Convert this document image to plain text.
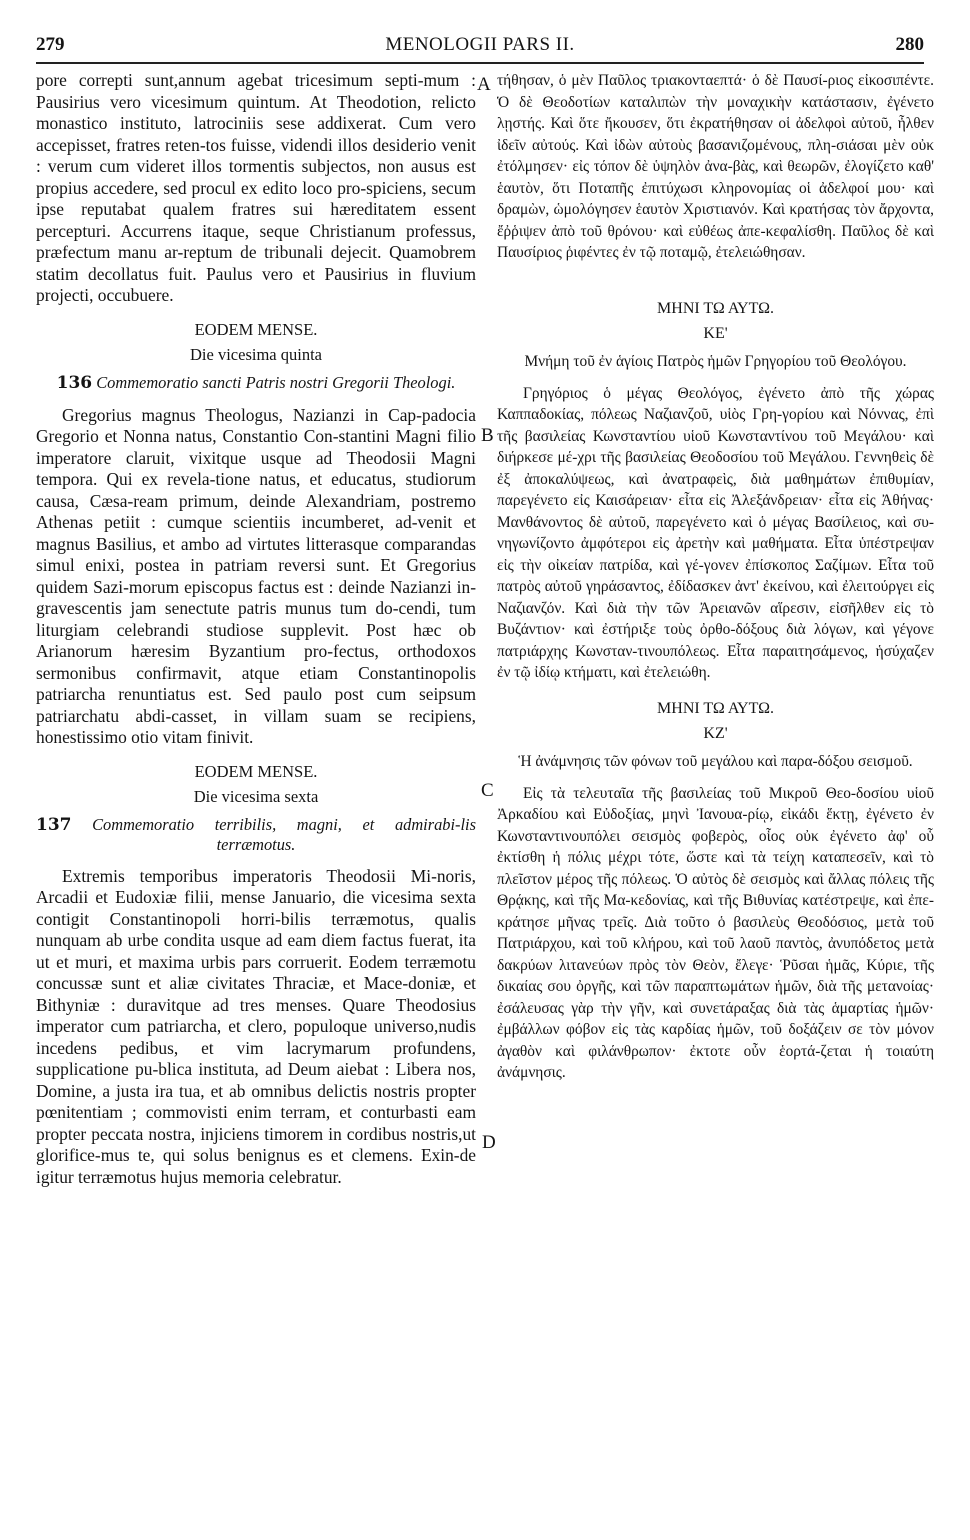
279	MENOLOGII PARS II.	280
A
B
C
D

pore correpti sunt,annum agebat tricesimum septi-mum : Pausirius vero vicesimum quintum. At Theodotion, relicto monastico instituto, latrociniis sese addixerat. Cum vero accepisset, fratres reten-tos fuisse, videndi illos desiderio venit : verum cum videret illos tormentis subjectos, non ausus est propius accedere, sed procul ex edito loco pro-spiciens, secum ipse reputabat qualem fratres sui hæreditatem essent percepturi. Accurrens itaque, seque Christianum professus, præfectum manu ar-reptum de tribunali dejecit. Quamobrem statim decollatus fuit. Paulus vero et Pausirius in fluvium projecti, occubuere.

EODEM MENSE.
Die vicesima quinta

136 Commemoratio sancti Patris nostri Gregorii Theologi.

Gregorius magnus Theologus, Nazianzi in Cap-padocia Gregorio et Nonna natus, Constantio Con-stantini Magni filio imperatore claruit, vixitque usque ad Theodosii Magni tempora. Qui ex revela-tione natus, et educatus, studiorum causa, Cæsa-ream primum, deinde Alexandriam, postremo Athenas petiit : cumque scientiis incumberet, ad-venit et magnus Basilius, et ambo ad virtutes litterasque comparandas simul enixi, postea in patriam reversi sunt. Et Gregorius quidem Sazi-morum episcopus factus est : deinde Nazianzi in-gravescentis jam senectute patris munus tum do-cendi, tum liturgiam celebrandi studiose supplevit. Post hæc ob Arianorum hæresim Byzantium pro-fectus, orthodoxos sermonibus confirmavit, atque etiam Constantinopolis patriarcha renuntiatus est. Sed paulo post cum seipsum patriarchatu abdi-casset, in villam suam se recipiens, honestissimo otio vitam finivit.

EODEM MENSE.
Die vicesima sexta

137 Commemoratio terribilis, magni, et admirabi-lis terræmotus.

Extremis temporibus imperatoris Theodosii Mi-noris, Arcadii et Eudoxiæ filii, mense Januario, die vicesima sexta contigit Constantinopoli horri-bilis terræmotus, qualis nunquam ab urbe condita usque ad eam diem factus fuerat, ita ut et muri, et maxima urbis pars corruerit. Eodem terræmotu concussæ sunt et aliæ civitates Thraciæ, et Mace-doniæ, et Bithyniæ : duravitque ad tres menses. Quare Theodosius imperator cum patriarcha, et clero, populoque universo,nudis incedens pedibus, et vim lacrymarum profundens, supplicatione pu-blica instituta, ad Deum aiebat : Libera nos, Domine, a justa ira tua, et ab omnibus delictis nostris propter pœnitentiam ; commovisti enim terram, et conturbasti eam propter peccata nostra, injiciens timorem in cordibus nostris,ut glorifice-mus te, qui solus benignus es et clemens. Exin-de igitur terræmotus hujus memoria celebratur.

τήθησαν, ὁ μὲν Παῦλος τριακονταεπτά· ὁ δὲ Παυσί-ριος εἰκοσιπέντε. Ὁ δὲ Θεοδοτίων καταλιπὼν τὴν μοναχικὴν κατάστασιν, ἐγένετο λῃστής. Καὶ ὅτε ἤκουσεν, ὅτι ἐκρατήθησαν οἱ ἀδελφοὶ αὐτοῦ, ἦλθεν ἰδεῖν αὐτούς. Καὶ ἰδὼν αὐτοὺς βασανιζομένους, πλη-σιάσαι μὲν οὐκ ἐτόλμησεν· εἰς τόπον δὲ ὑψηλὸν ἀνα-βὰς, καὶ θεωρῶν, ἐλογίζετο καθ' ἑαυτὸν, ὅτι Ποταπῆς ἐπιτύχωσι κληρονομίας οἱ ἀδελφοί μου· καὶ δραμὼν, ὡμολόγησεν ἑαυτὸν Χριστιανόν. Καὶ κρατήσας τὸν ἄρχοντα, ἔῤῥιψεν ἀπὸ τοῦ θρόνου· καὶ εὐθέως ἀπε-κεφαλίσθη. Παῦλος δὲ καὶ Παυσίριος ῥιφέντες ἐν τῷ ποταμῷ, ἐτελειώθησαν.

ΜΗΝΙ ΤΩ ΑΥΤΩ.
ΚΕ'

Μνήμη τοῦ ἐν ἁγίοις Πατρὸς ἡμῶν Γρηγορίου τοῦ Θεολόγου.

Γρηγόριος ὁ μέγας Θεολόγος, ἐγένετο ἀπὸ τῆς χώρας Καππαδοκίας, πόλεως Ναζιανζοῦ, υἱὸς Γρη-γορίου καὶ Νόννας, ἐπὶ τῆς βασιλείας Κωνσταντίου υἱοῦ Κωνσταντίνου τοῦ Μεγάλου· καὶ διήρκεσε μέ-χρι τῆς βασιλείας Θεοδοσίου τοῦ Μεγάλου. Γεννηθεὶς δὲ ἐξ ἀποκαλύψεως, καὶ ἀνατραφεὶς, διὰ μαθημάτων ἐπιθυμίαν, παρεγένετο εἰς Καισάρειαν· εἶτα εἰς Ἀλεξάνδρειαν· εἶτα εἰς Ἀθήνας· Μανθάνοντος δὲ αὐτοῦ, παρεγένετο καὶ ὁ μέγας Βασίλειος, καὶ συ-νηγωνίζοντο ἀμφότεροι εἰς ἀρετὴν καὶ μαθήματα. Εἶτα ὑπέστρεψαν εἰς τὴν οἰκείαν πατρίδα, καὶ γέ-γονεν ἐπίσκοπος Σαζίμων. Εἶτα τοῦ πατρὸς αὐτοῦ γηράσαντος, ἐδίδασκεν ἀντ' ἐκείνου, καὶ ἐλειτούργει εἰς Ναζιανζόν. Καὶ διὰ τὴν τῶν Ἀρειανῶν αἵρεσιν, εἰσῆλθεν εἰς τὸ Βυζάντιον· καὶ ἐστήριξε τοὺς ὀρθο-δόξους διὰ λόγων, καὶ γέγονε πατριάρχης Κωνσταν-τινουπόλεως. Εἶτα παραιτησάμενος, ἡσύχαζεν ἐν τῷ ἰδίῳ κτήματι, καὶ ἐτελειώθη.

ΜΗΝΙ ΤΩ ΑΥΤΩ.
ΚΖ'

Ἡ ἀνάμνησις τῶν φόνων τοῦ μεγάλου καὶ παρα-δόξου σεισμοῦ.

Εἰς τὰ τελευταῖα τῆς βασιλείας τοῦ Μικροῦ Θεο-δοσίου υἱοῦ Ἀρκαδίου καὶ Εὐδοξίας, μηνὶ Ἰανουα-ρίῳ, εἰκάδι ἕκτῃ, ἐγένετο ἐν Κωνσταντινουπόλει σεισμὸς φοβερὸς, οἷος οὐκ ἐγένετο ἀφ' οὗ ἐκτίσθη ἡ πόλις μέχρι τότε, ὥστε καὶ τὰ τείχη καταπεσεῖν, καὶ τὸ πλεῖστον μέρος τῆς πόλεως. Ὁ αὐτὸς δὲ σεισμὸς καὶ ἄλλας πόλεις τῆς Θρᾴκης, καὶ τῆς Μα-κεδονίας, καὶ τῆς Βιθυνίας κατέστρεψε, καὶ ἐπε-κράτησε μῆνας τρεῖς. Διὰ τοῦτο ὁ βασιλεὺς Θεοδόσιος, μετὰ τοῦ Πατριάρχου, καὶ τοῦ κλήρου, καὶ τοῦ λαοῦ παντὸς, ἀνυπόδετος μετὰ δακρύων λιτανεύων πρὸς τὸν Θεὸν, ἔλεγε· Ῥῦσαι ἡμᾶς, Κύριε, τῆς δικαίας σου ὀργῆς, καὶ τῶν παραπτωμάτων ἡμῶν, διὰ τῆς μετανοίας· ἐσάλευσας γὰρ τὴν γῆν, καὶ συνετάραξας διὰ τὰς ἁμαρτίας ἡμῶν· ἐμβάλλων φόβον εἰς τὰς καρδίας ἡμῶν, τοῦ δοξάζειν σε τὸν μόνον ἀγαθὸν καὶ φιλάνθρωπον· ἐκτοτε οὖν ἑορτά-ζεται ἡ τοιαύτη ἀνάμνησις.
